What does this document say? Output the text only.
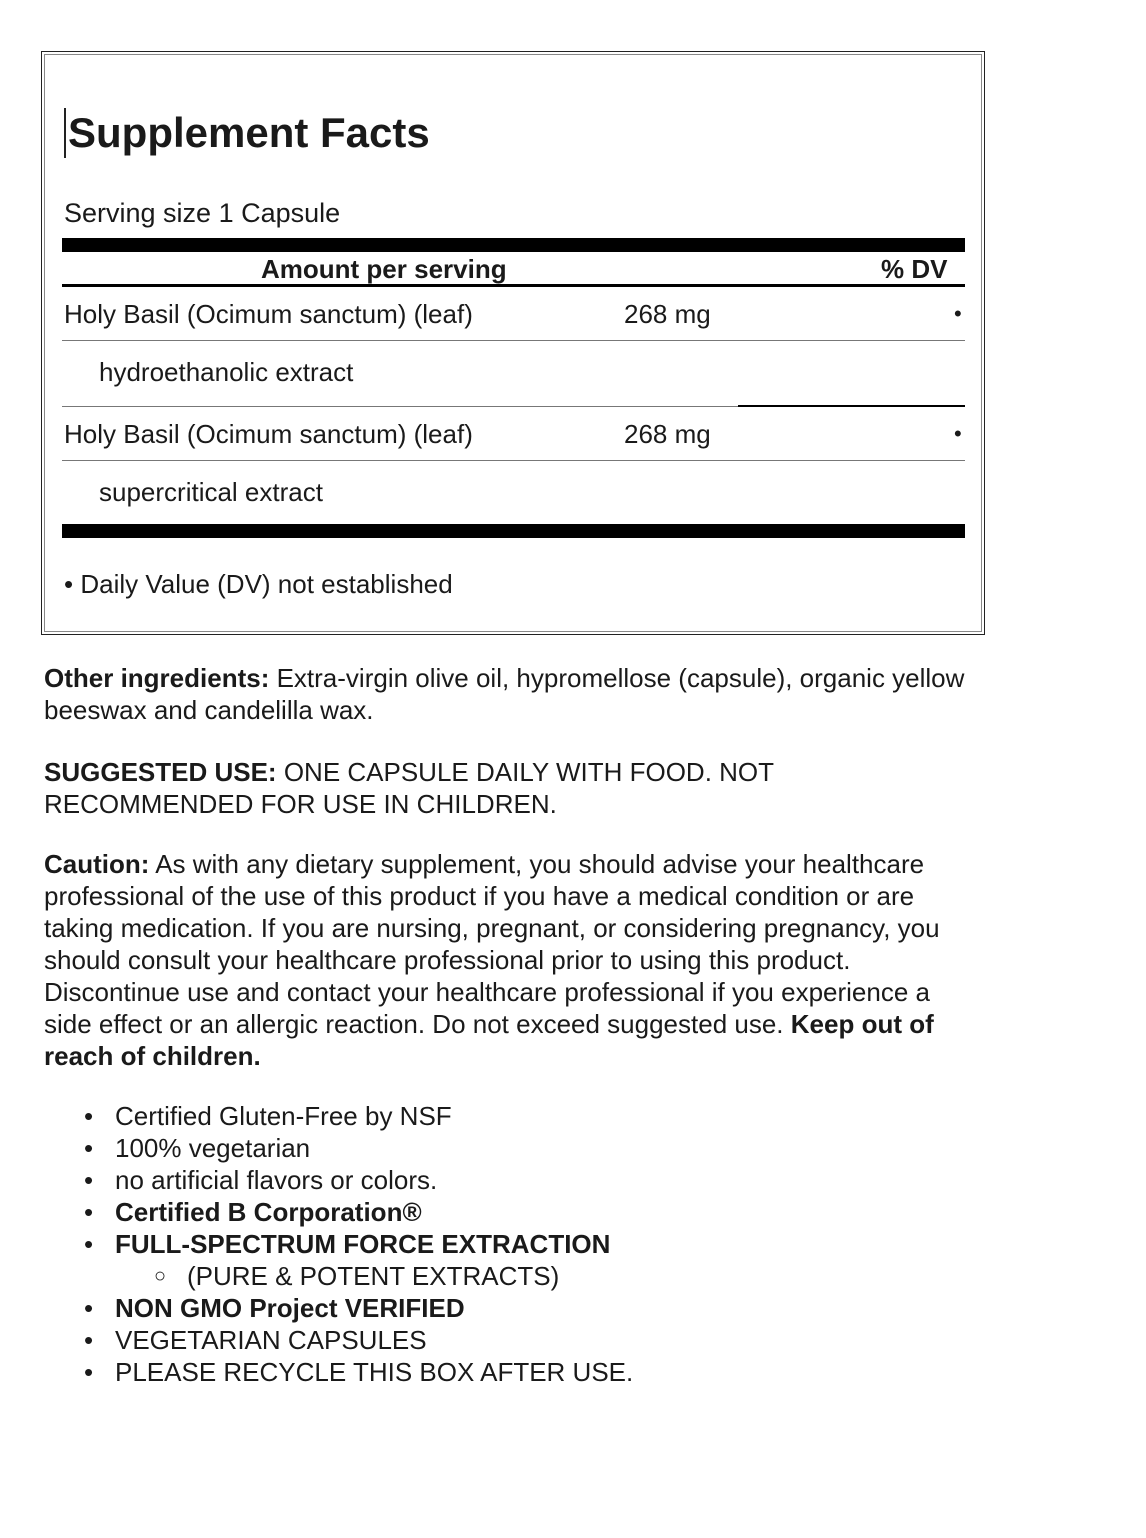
Supplement Facts
Serving size 1 Capsule
Amount per serving	% DV
Holy Basil (Ocimum sanctum) (leaf)	268 mg	•
hydroethanolic extract
Holy Basil (Ocimum sanctum) (leaf)	268 mg	•
supercritical extract
• Daily Value (DV) not established

Other ingredients: Extra-virgin olive oil, hypromellose (capsule), organic yellow beeswax and candelilla wax.

SUGGESTED USE: ONE CAPSULE DAILY WITH FOOD. NOT RECOMMENDED FOR USE IN CHILDREN.

Caution: As with any dietary supplement, you should advise your healthcare professional of the use of this product if you have a medical condition or are taking medication. If you are nursing, pregnant, or considering pregnancy, you should consult your healthcare professional prior to using this product. Discontinue use and contact your healthcare professional if you experience a side effect or an allergic reaction. Do not exceed suggested use. Keep out of reach of children.

• Certified Gluten-Free by NSF
• 100% vegetarian
• no artificial flavors or colors.
• Certified B Corporation®
• FULL-SPECTRUM FORCE EXTRACTION
○ (PURE & POTENT EXTRACTS)
• NON GMO Project VERIFIED
• VEGETARIAN CAPSULES
• PLEASE RECYCLE THIS BOX AFTER USE.
